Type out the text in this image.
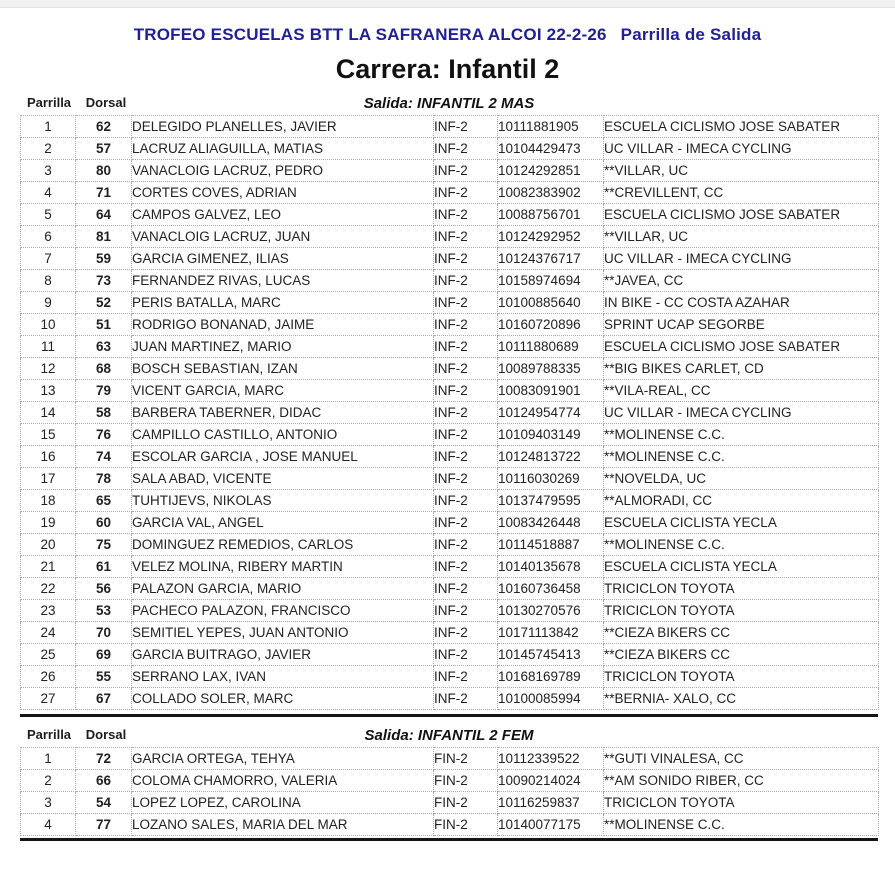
TROFEO ESCUELAS BTT LA SAFRANERA ALCOI 22-2-26 Parrilla de Salida
Carrera: Infantil 2
Parrilla Dorsal	Salida: INFANTIL 2 MAS
1	62	DELEGIDO PLANELLES, JAVIER	INF-2	10111881905	ESCUELA CICLISMO JOSE SABATER
2	57	LACRUZ ALIAGUILLA, MATIAS	INF-2	10104429473	UC VILLAR - IMECA CYCLING
3	80	VANACLOIG LACRUZ, PEDRO	INF-2	10124292851	**VILLAR, UC
4	71	CORTES COVES, ADRIAN	INF-2	10082383902	**CREVILLENT, CC
5	64	CAMPOS GALVEZ, LEO	INF-2	10088756701	ESCUELA CICLISMO JOSE SABATER
6	81	VANACLOIG LACRUZ, JUAN	INF-2	10124292952	**VILLAR, UC
7	59	GARCIA GIMENEZ, ILIAS	INF-2	10124376717	UC VILLAR - IMECA CYCLING
8	73	FERNANDEZ RIVAS, LUCAS	INF-2	10158974694	**JAVEA, CC
9	52	PERIS BATALLA, MARC	INF-2	10100885640	IN BIKE - CC COSTA AZAHAR
10	51	RODRIGO BONANAD, JAIME	INF-2	10160720896	SPRINT UCAP SEGORBE
11	63	JUAN MARTINEZ, MARIO	INF-2	10111880689	ESCUELA CICLISMO JOSE SABATER
12	68	BOSCH SEBASTIAN, IZAN	INF-2	10089788335	**BIG BIKES CARLET, CD
13	79	VICENT GARCIA, MARC	INF-2	10083091901	**VILA-REAL, CC
14	58	BARBERA TABERNER, DIDAC	INF-2	10124954774	UC VILLAR - IMECA CYCLING
15	76	CAMPILLO CASTILLO, ANTONIO	INF-2	10109403149	**MOLINENSE C.C.
16	74	ESCOLAR GARCIA , JOSE MANUEL	INF-2	10124813722	**MOLINENSE C.C.
17	78	SALA ABAD, VICENTE	INF-2	10116030269	**NOVELDA, UC
18	65	TUHTIJEVS, NIKOLAS	INF-2	10137479595	**ALMORADI, CC
19	60	GARCIA VAL, ANGEL	INF-2	10083426448	ESCUELA CICLISTA YECLA
20	75	DOMINGUEZ REMEDIOS, CARLOS	INF-2	10114518887	**MOLINENSE C.C.
21	61	VELEZ MOLINA, RIBERY MARTIN	INF-2	10140135678	ESCUELA CICLISTA YECLA
22	56	PALAZON GARCIA, MARIO	INF-2	10160736458	TRICICLON TOYOTA
23	53	PACHECO PALAZON, FRANCISCO	INF-2	10130270576	TRICICLON TOYOTA
24	70	SEMITIEL YEPES, JUAN ANTONIO	INF-2	10171113842	**CIEZA BIKERS CC
25	69	GARCIA BUITRAGO, JAVIER	INF-2	10145745413	**CIEZA BIKERS CC
26	55	SERRANO LAX, IVAN	INF-2	10168169789	TRICICLON TOYOTA
27	67	COLLADO SOLER, MARC	INF-2	10100085994	**BERNIA- XALO, CC
Parrilla Dorsal	Salida: INFANTIL 2 FEM
1	72	GARCIA ORTEGA, TEHYA	FIN-2	10112339522	**GUTI VINALESA, CC
2	66	COLOMA CHAMORRO, VALERIA	FIN-2	10090214024	**AM SONIDO RIBER, CC
3	54	LOPEZ LOPEZ, CAROLINA	FIN-2	10116259837	TRICICLON TOYOTA
4	77	LOZANO SALES, MARIA DEL MAR	FIN-2	10140077175	**MOLINENSE C.C.
